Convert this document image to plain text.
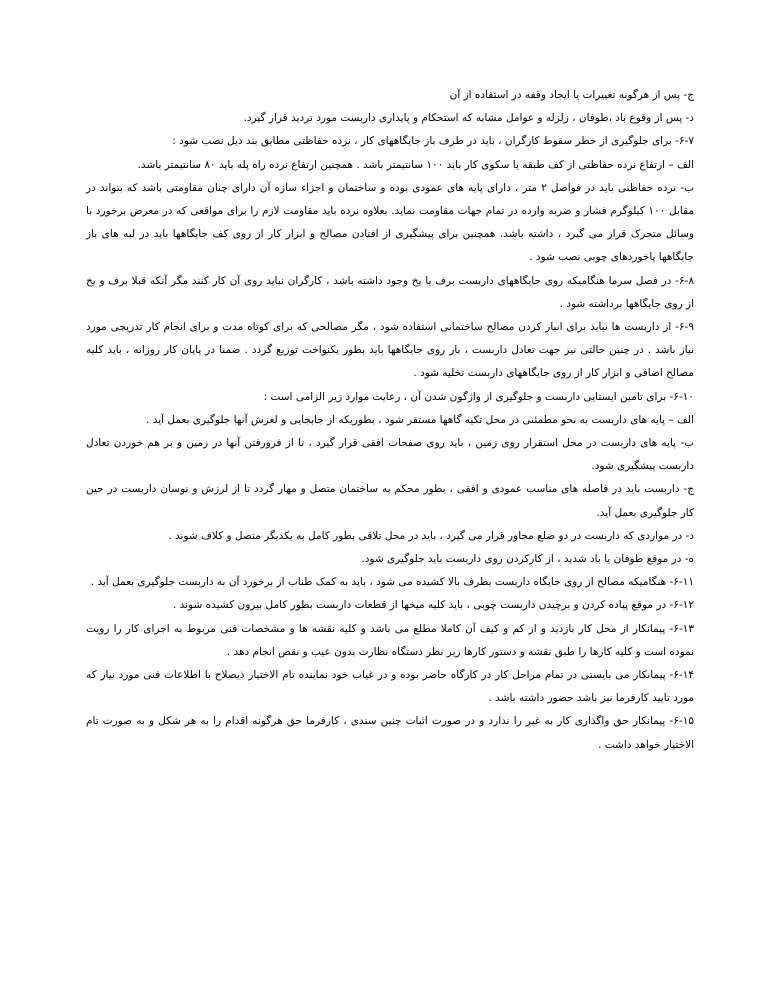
ج- پس از هرگونه تغییرات یا ایجاد وقفه در استفاده از آن

د- پس از وقوع باد ،طوفان ، زلزله و عوامل مشابه که استحکام و پایداری داربست مورد تردید قرار گیرد.

۶-۷- برای جلوگیری از خطر سقوط کارگران ، باید در طرف باز جایگاههای کار ، نرده حفاظتی مطابق بند ذیل نصب شود :

الف – ارتفاع نرده حفاظتی از کف طبقه یا سکوی کار باید ۱۰۰ سانتیمتر باشد . همچنین ارتفاع نرده راه پله باید ۸۰ سانتیمتر باشد.

ب- نرده حفاظتی باید در فواصل ۲ متر ، دارای پایه های عمودی بوده و ساختمان و اجزاء سازه آن دارای چنان مقاومتی باشد که بتواند در مقابل ۱۰۰ کیلوگرم فشار و ضربه وارده در تمام جهات مقاومت نماید. بعلاوه نرده باید مقاومت لازم را برای مواقعی که در معرض برخورد با وسائل متحرک قرار می گیرد ، داشته باشد. همچنین برای پیشگیری از افتادن مصالح و ابزار کار از روی کف جایگاهها باید در لبه های باز جایگاهها پاخوردهای چوبی نصب شود .

۶-۸- در فصل سرما هنگامیکه روی جایگاههای داربست برف یا یخ وجود داشته باشد ، کارگران نباید روی آن کار کنند مگر آنکه قبلا برف و یخ از روی جایگاهها برداشته شود .

۶-۹- از داربست ها نباید برای انبار کردن مصالح ساختمانی استفاده شود ، مگر مصالحی که برای کوتاه مدت و برای انجام کار تدریجی مورد نیاز باشد . در چنین حالتی نیز جهت تعادل داربست ، بار روی جایگاهها باید بطور یکنواخت توزیع گردد . ضمنا در پایان کار روزانه ، باید کلیه مصالح اضافی و ابزار کار از روی جایگاههای داربست تخلیه شود .

۶-۱۰- برای تامین ایستایی داربست و جلوگیری از واژگون شدن آن ، رعایت موارد زیر الزامی است :

الف – پایه های داربست به نحو مطمئنی در محل تکیه گاهها مستقر شود ، بطوریکه از جابجایی و لغزش آنها جلوگیری بعمل آید .

ب- پایه های داربست در محل استقرار روی زمین ، باید روی صفحات افقی قرار گیرد ، تا از فرورفتن آنها در زمین و بر هم خوردن تعادل داربست پیشگیری شود.

ج- داربست باید در فاصله های مناسب عمودی و افقی ، بطور محکم به ساختمان متصل و مهار گردد تا از لرزش و نوسان داربست در حین کار جلوگیری بعمل آید.

د- در مواردی که داربست در دو ضلع مجاور قرار می گیرد ، باید در محل تلاقی بطور کامل به یکدیگر متصل و کلاف شوند .

ه- در موقع طوفان یا باد شدید ، از کارکردن روی داربست باید جلوگیری شود.

۶-۱۱- هنگامیکه مصالح از روی جایگاه داربست بطرف بالا کشیده می شود ، باید به کمک طناب از برخورد آن به داربست جلوگیری بعمل آید .

۶-۱۲- در موقع پیاده کردن و برچیدن داربست چوبی ، باید کلیه میخها از قطعات داربست بطور کامل بیرون کشیده شوند .

۶-۱۳- پیمانکار از محل کار بازدید و از کم و کیف آن کاملا مطلع می باشد و کلیه نقشه ها و مشخصات فنی مربوط به اجرای کار را رویت نموده است و کلیه کارها را طبق نقشه و دستور کارها زیر نظر دستگاه نظارت بدون عیب و نقص انجام دهد .

۶-۱۴- پیمانکار می بایستی در تمام مراحل کار در کارگاه حاضر بوده و در غیاب خود نماینده تام الاختیار ذیصلاح با اطلاعات فنی مورد نیاز که مورد تایید کارفرما نیز باشد حضور داشته باشد .

۶-۱۵- پیمانکار حق واگذاری کار به غیر را ندارد و در صورت اثبات چنین سندی ، کارفرما حق هرگونه اقدام را به هر شکل و به صورت تام الاختیار خواهد داشت .
